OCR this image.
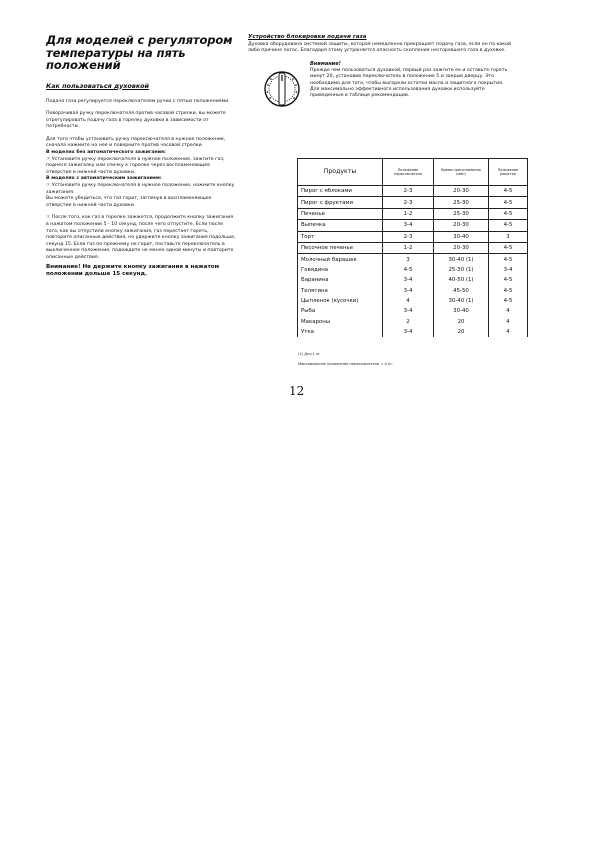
Для моделей с регулятором температуры на пять положений
Как пользоваться духовкой

Подача газа регулируется переключателем ручки с пятью положениями.

Поворачивая ручку переключателя против часовой стрелки, вы можете отрегулировать подачу газа в горелку духовки в зависимости от потребности.

Для того чтобы установить ручку переключателя в нужное положение, сначала нажмите на нее и поверните против часовой стрелки.

В моделях без автоматического зажигания:

☞ Установите ручку переключателя в нужное положение, зажгите газ, поднеся зажигалку или спичку к горелке через воспламеняющее отверстие в нижней части духовки.

В моделях с автоматическим зажиганием:

☞ Установите ручку переключателя в нужное положение, нажмите кнопку зажигания.

Вы можете убедиться, что газ горит, заглянув в воспламеняющее отверстие в нижней части духовки.

☞ После того, как газ в горелке зажжется, продолжите кнопку зажигания в нажатом положении 5 - 10 секунд, после чего отпустите. Если после того, как вы отпустили кнопку зажигания, газ перестает гореть, повторите описанные действия, но удержите кнопку зажигания подольше, секунд 15. Если газ по-прежнему не горит, поставьте переключатель в выключенное положение, подождите не менее одной минуты и повторите описанные действия.

Внимание! Не держите кнопку зажигания в нажатом положении дольше 15 секунд.

Устройство блокировки подачи газа

Духовка оборудована системой защиты, которая немедленно прекращает подачу газа, если он по какой либо причине погас. Благодаря этому устраняется опасность скопления несгоревшего газа в духовке.

Внимание!

Прежде чем пользоваться духовкой, первый раз зажгите ее и оставьте гореть минут 20, установив переключатель в положение 5 и закрыв дверцу. Это необходимо для того, чтобы выгорели остатки масла и защитного покрытия.

Для максимально эффективного использования духовки используйте приведенные в таблице рекомендации.

Продукты	Положение переключателя	Время приготовления (мин)	Положение решетки
Пирог с яблоками	2-3	20-30	4-5
Пирог с фруктами	2-3	25-30	4-5
Печенье	1-2	25-30	4-5
Выпечка	3-4	20-30	4-5
Торт	2-3	30-40	3
Песочное печенье	1-2	20-30	4-5
Молочный барашек	3	30-40 (1)	4-5
Говядина	4-5	25-30 (1)	3-4
Баранина	3-4	40-50 (1)	4-5
Телятина	3-4	45-50	4-5
Цыпленок (кусочки)	4	30-40 (1)	4-5
Рыба	3-4	30-40	4
Макароны	2	20	4
Утка	3-4	20	4
(1) Для 1 кг
Максимальное положение переключателя = 4 кг.
12
